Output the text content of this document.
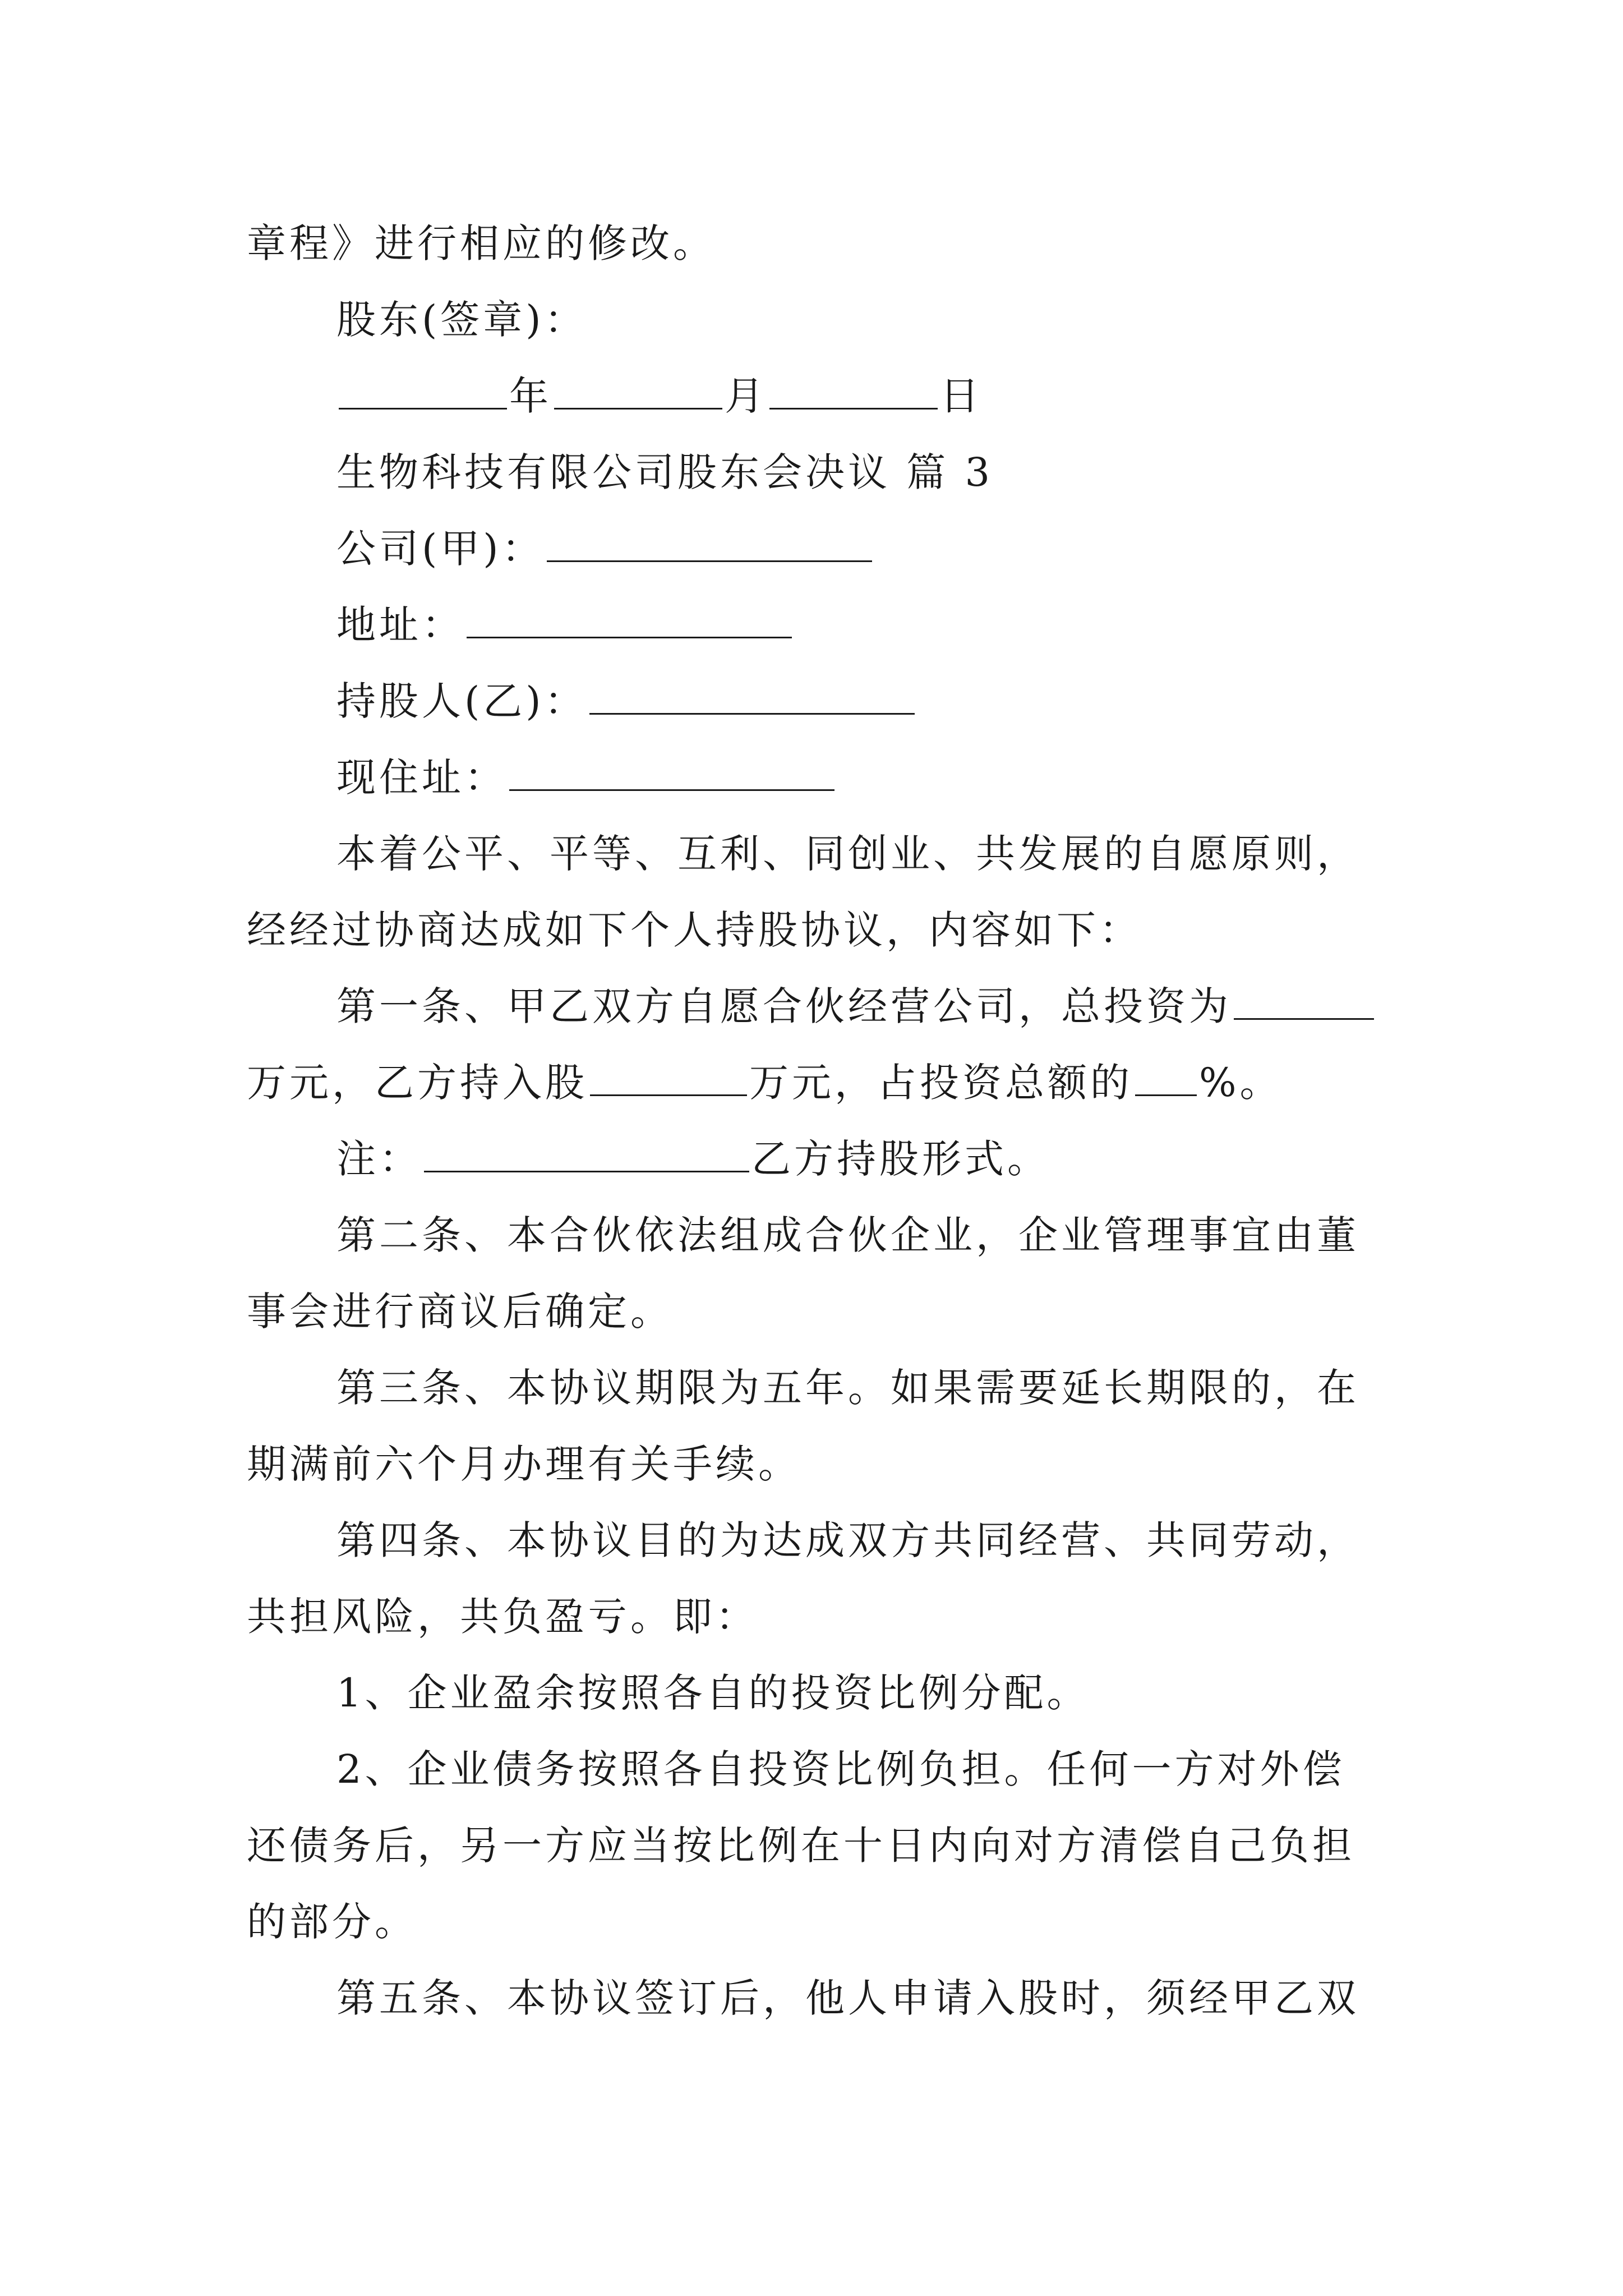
章程》进行相应的修改。
股东(签章)：
年	月	日
生物科技有限公司股东会决议 篇 3
公司(甲)：
地址：
持股人(乙)：
现住址：
本着公平、平等、互利、同创业、共发展的自愿原则，
经经过协商达成如下个人持股协议，内容如下：
第一条、甲乙双方自愿合伙经营公司，总投资为
万元，乙方持入股	万元，占投资总额的 %。
注：	乙方持股形式。
第二条、本合伙依法组成合伙企业，企业管理事宜由董
事会进行商议后确定。
第三条、本协议期限为五年。如果需要延长期限的，在
期满前六个月办理有关手续。
第四条、本协议目的为达成双方共同经营、共同劳动，
共担风险，共负盈亏。即：
1、企业盈余按照各自的投资比例分配。
2、企业债务按照各自投资比例负担。任何一方对外偿
还债务后，另一方应当按比例在十日内向对方清偿自己负担
的部分。
第五条、本协议签订后，他人申请入股时，须经甲乙双
